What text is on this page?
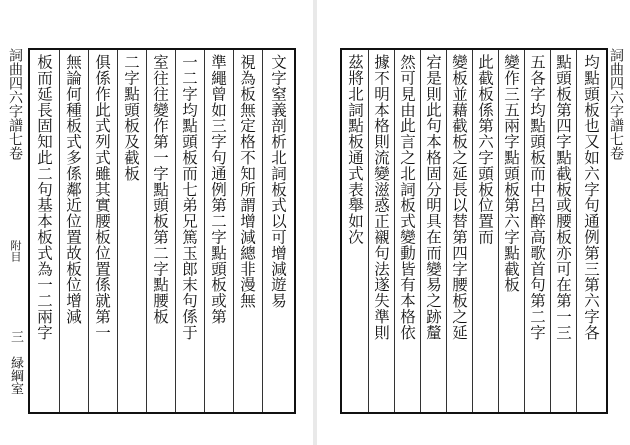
詞曲四六字譜七卷 板而延長固知此二句基本板式為一二兩字 無論何種板式多係鄰近位置故板位增減 俱係作此式列式雖其實腰板位置係就第一 二字點頭板及截板 室往往變作第一字點頭板第二字點腰板 一二字均點頭板而七弟兄篤玉郎末句係于 準繩曾如三字句通例第二字點頭板或第 視為板無定格不知所謂增減總非漫無 文字窒義剖析北詞板式以可增減遊易
附目
三
緑綱室
茲將北詞點板通式表舉如次 據不明本格則流變滋惑正襯句法遂失準則 然可見由此言之北詞板式變動皆有本格依 宕是則此句本格固分明具在而變易之跡釐 變板並藉截板之延長以替第四字腰板之延 此截板係第六字頭板位置而 變作三五兩字點頭板第六字點截板 五各字均點頭板而中呂醉高歌首句第二字 點頭板第四字點截板或腰板亦可在第一三 均點頭板也又如六字句通例第三第六字各 詞曲四六字譜七卷
